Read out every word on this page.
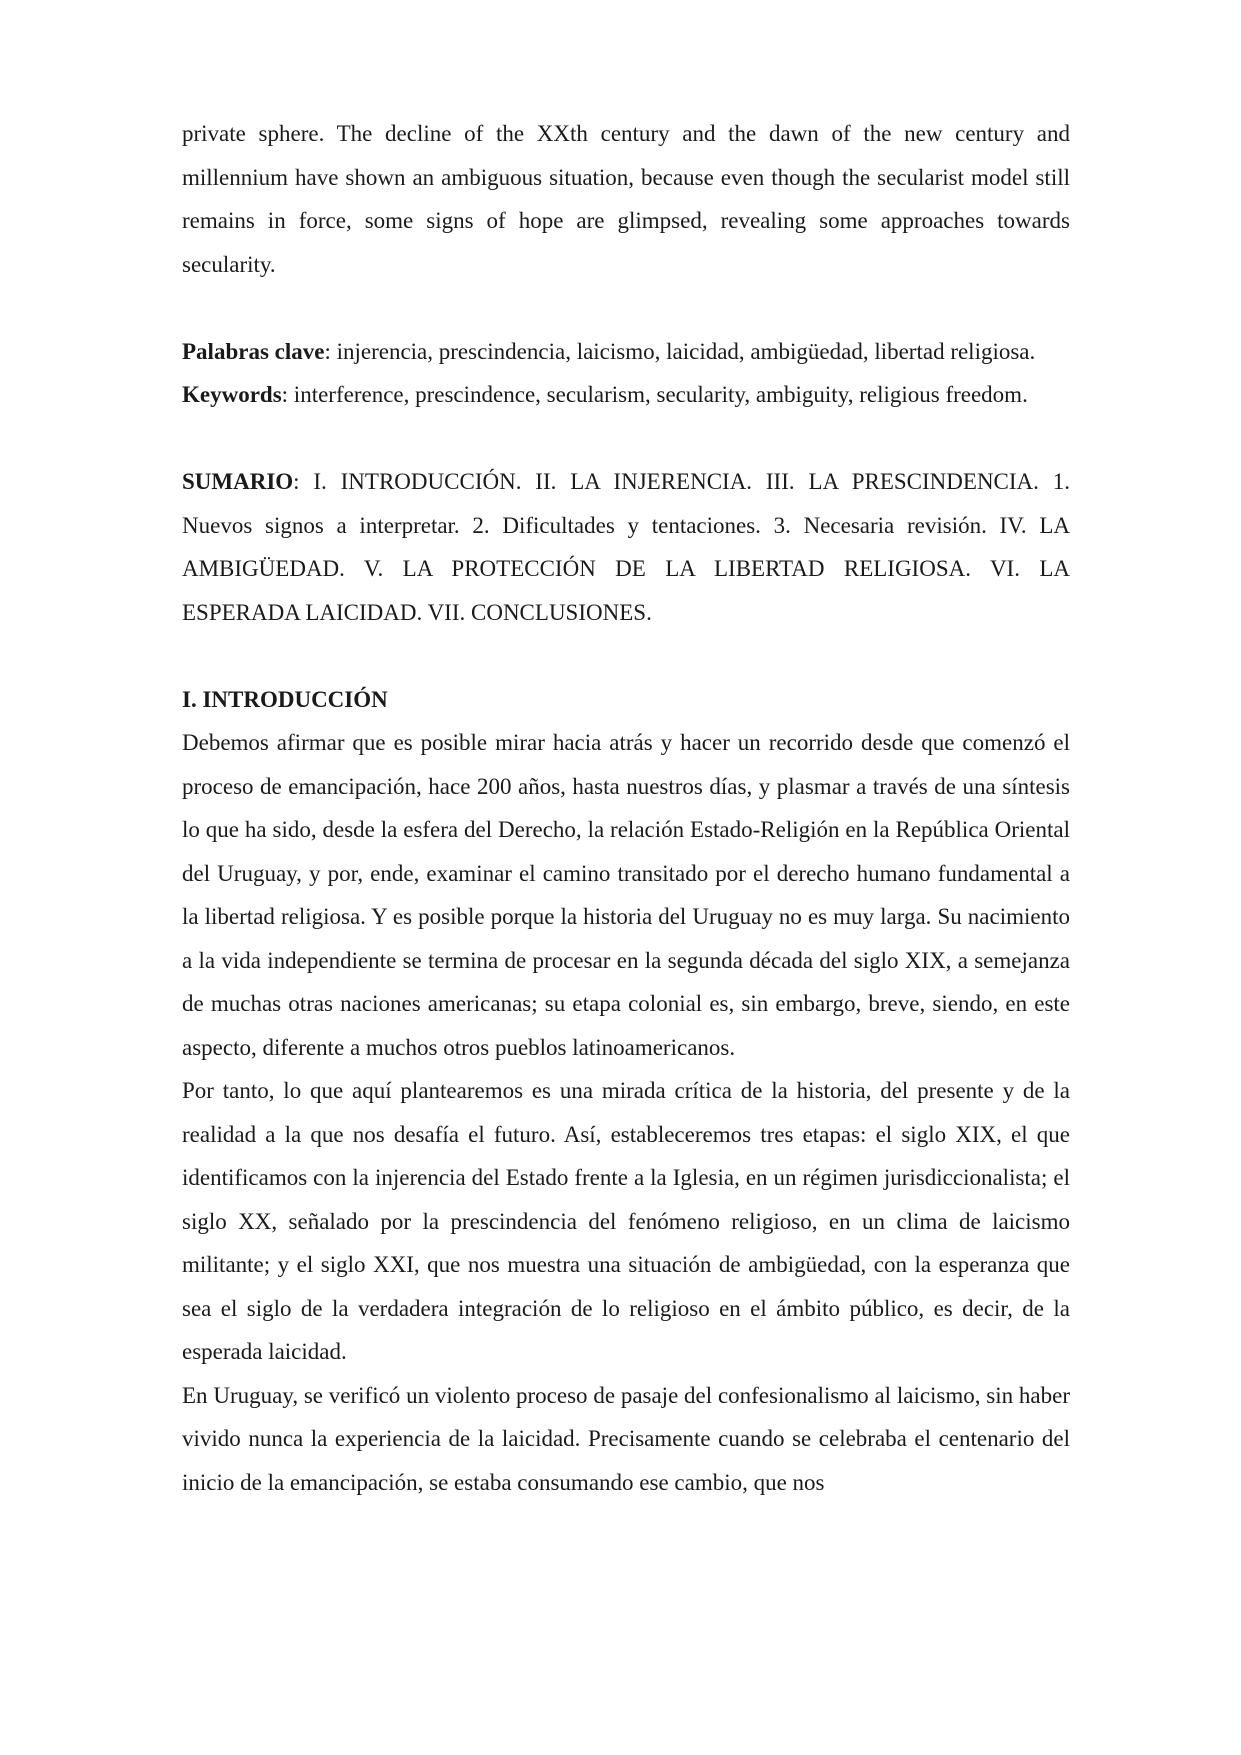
private sphere. The decline of the XXth century and the dawn of the new century and millennium have shown an ambiguous situation, because even though the secularist model still remains in force, some signs of hope are glimpsed, revealing some approaches towards secularity.

Palabras clave: injerencia, prescindencia, laicismo, laicidad, ambigüedad, libertad religiosa.

Keywords: interference, prescindence, secularism, secularity, ambiguity, religious freedom.

SUMARIO: I. INTRODUCCIÓN. II. LA INJERENCIA. III. LA PRESCINDENCIA. 1. Nuevos signos a interpretar. 2. Dificultades y tentaciones. 3. Necesaria revisión. IV. LA AMBIGÜEDAD. V. LA PROTECCIÓN DE LA LIBERTAD RELIGIOSA. VI. LA ESPERADA LAICIDAD. VII. CONCLUSIONES.

I. INTRODUCCIÓN

Debemos afirmar que es posible mirar hacia atrás y hacer un recorrido desde que comenzó el proceso de emancipación, hace 200 años, hasta nuestros días, y plasmar a través de una síntesis lo que ha sido, desde la esfera del Derecho, la relación Estado-Religión en la República Oriental del Uruguay, y por, ende, examinar el camino transitado por el derecho humano fundamental a la libertad religiosa. Y es posible porque la historia del Uruguay no es muy larga. Su nacimiento a la vida independiente se termina de procesar en la segunda década del siglo XIX, a semejanza de muchas otras naciones americanas; su etapa colonial es, sin embargo, breve, siendo, en este aspecto, diferente a muchos otros pueblos latinoamericanos.

Por tanto, lo que aquí plantearemos es una mirada crítica de la historia, del presente y de la realidad a la que nos desafía el futuro. Así, estableceremos tres etapas: el siglo XIX, el que identificamos con la injerencia del Estado frente a la Iglesia, en un régimen jurisdiccionalista; el siglo XX, señalado por la prescindencia del fenómeno religioso, en un clima de laicismo militante; y el siglo XXI, que nos muestra una situación de ambigüedad, con la esperanza que sea el siglo de la verdadera integración de lo religioso en el ámbito público, es decir, de la esperada laicidad.

En Uruguay, se verificó un violento proceso de pasaje del confesionalismo al laicismo, sin haber vivido nunca la experiencia de la laicidad. Precisamente cuando se celebraba el centenario del inicio de la emancipación, se estaba consumando ese cambio, que nos
